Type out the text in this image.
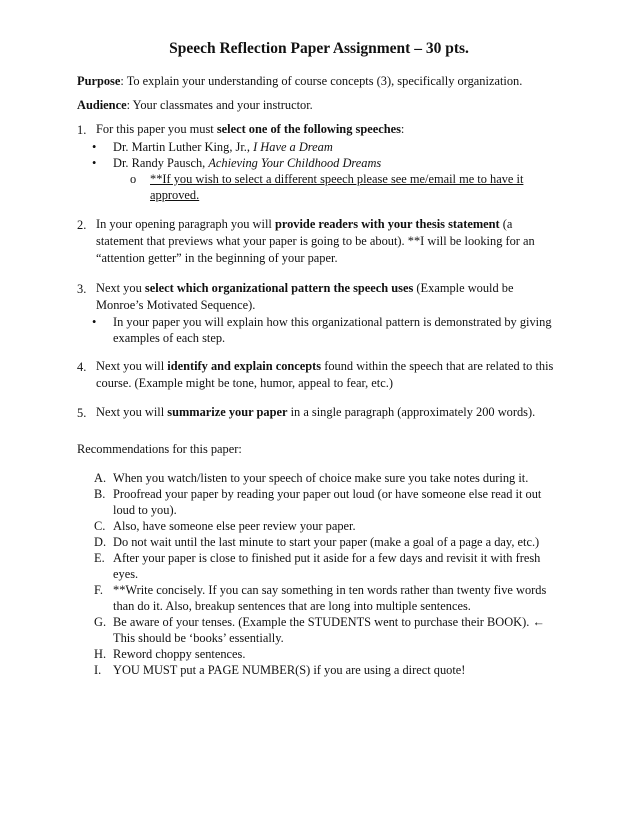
Speech Reflection Paper Assignment – 30 pts.
Purpose: To explain your understanding of course concepts (3), specifically organization.
Audience: Your classmates and your instructor.
1. For this paper you must select one of the following speeches:
• Dr. Martin Luther King, Jr., I Have a Dream
• Dr. Randy Pausch, Achieving Your Childhood Dreams
o **If you wish to select a different speech please see me/email me to have it approved.
2. In your opening paragraph you will provide readers with your thesis statement (a statement that previews what your paper is going to be about). **I will be looking for an “attention getter” in the beginning of your paper.
3. Next you select which organizational pattern the speech uses (Example would be Monroe’s Motivated Sequence).
• In your paper you will explain how this organizational pattern is demonstrated by giving examples of each step.
4. Next you will identify and explain concepts found within the speech that are related to this course. (Example might be tone, humor, appeal to fear, etc.)
5. Next you will summarize your paper in a single paragraph (approximately 200 words).
Recommendations for this paper:
A. When you watch/listen to your speech of choice make sure you take notes during it.
B. Proofread your paper by reading your paper out loud (or have someone else read it out loud to you).
C. Also, have someone else peer review your paper.
D. Do not wait until the last minute to start your paper (make a goal of a page a day, etc.)
E. After your paper is close to finished put it aside for a few days and revisit it with fresh eyes.
F. **Write concisely. If you can say something in ten words rather than twenty five words than do it. Also, breakup sentences that are long into multiple sentences.
G. Be aware of your tenses. (Example the STUDENTS went to purchase their BOOK). ← This should be ‘books’ essentially.
H. Reword choppy sentences.
I. YOU MUST put a PAGE NUMBER(S) if you are using a direct quote!
